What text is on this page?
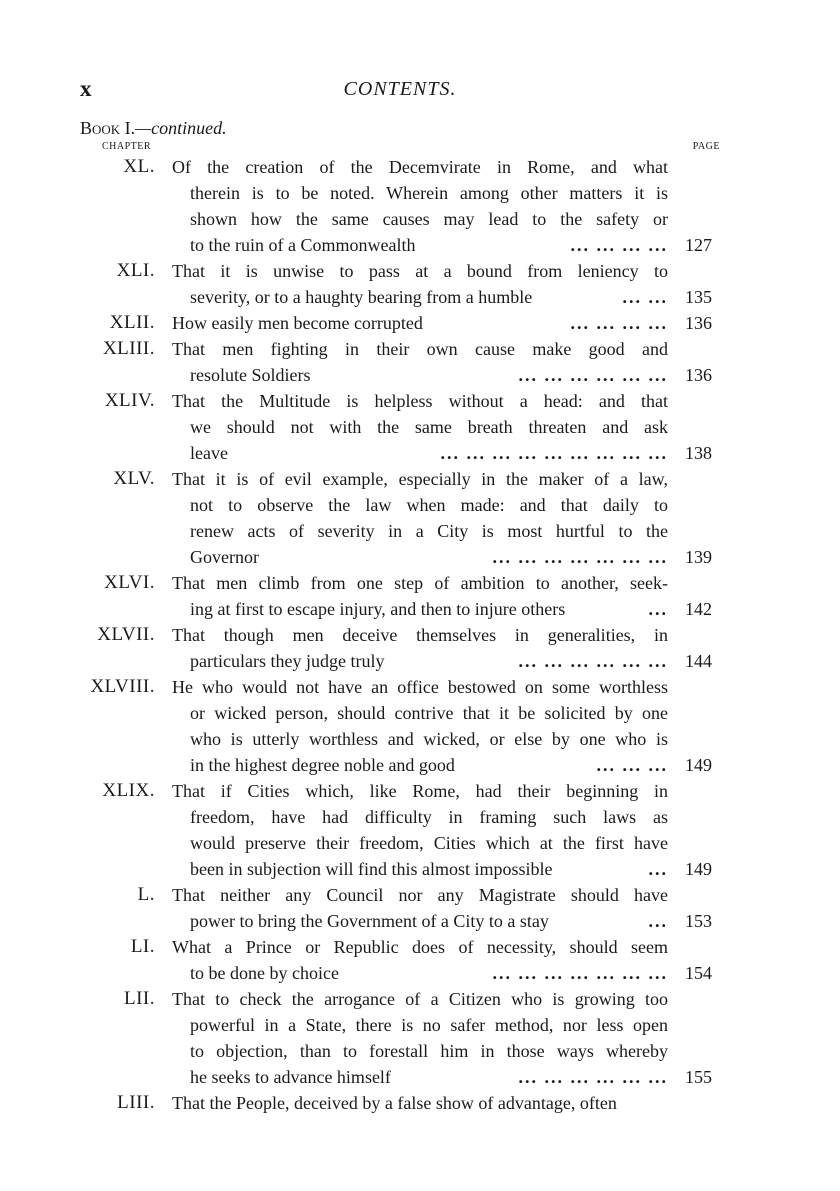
x	CONTENTS.
Book I.—continued.
CHAPTER	PAGE
XL. Of the creation of the Decemvirate in Rome, and what
therein is to be noted. Wherein among other matters it is
shown how the same causes may lead to the safety or
to the ruin of a Commonwealth	... ... ... ... 127
XLI. That it is unwise to pass at a bound from leniency to
severity, or to a haughty bearing from a humble	... ... 135
XLII. How easily men become corrupted	... ... ... ... 136
XLIII. That men fighting in their own cause make good and
resolute Soldiers	... ... ... ... ... ... 136
XLIV. That the Multitude is helpless without a head: and that
we should not with the same breath threaten and ask
leave	... ... ... ... ... ... ... ... ... 138
XLV. That it is of evil example, especially in the maker of a law,
not to observe the law when made: and that daily to
renew acts of severity in a City is most hurtful to the
Governor	... ... ... ... ... ... ... 139
XLVI. That men climb from one step of ambition to another, seek-
ing at first to escape injury, and then to injure others	... 142
XLVII. That though men deceive themselves in generalities, in
particulars they judge truly	... ... ... ... ... ... 144
XLVIII. He who would not have an office bestowed on some worthless
or wicked person, should contrive that it be solicited by one
who is utterly worthless and wicked, or else by one who is
in the highest degree noble and good	... ... ... 149
XLIX. That if Cities which, like Rome, had their beginning in
freedom, have had difficulty in framing such laws as
would preserve their freedom, Cities which at the first have
been in subjection will find this almost impossible	... 149
L. That neither any Council nor any Magistrate should have
power to bring the Government of a City to a stay	... 153
LI. What a Prince or Republic does of necessity, should seem
to be done by choice	... ... ... ... ... ... ... 154
LII. That to check the arrogance of a Citizen who is growing too
powerful in a State, there is no safer method, nor less open
to objection, than to forestall him in those ways whereby
he seeks to advance himself	... ... ... ... ... ... 155
LIII. That the People, deceived by a false show of advantage, often
